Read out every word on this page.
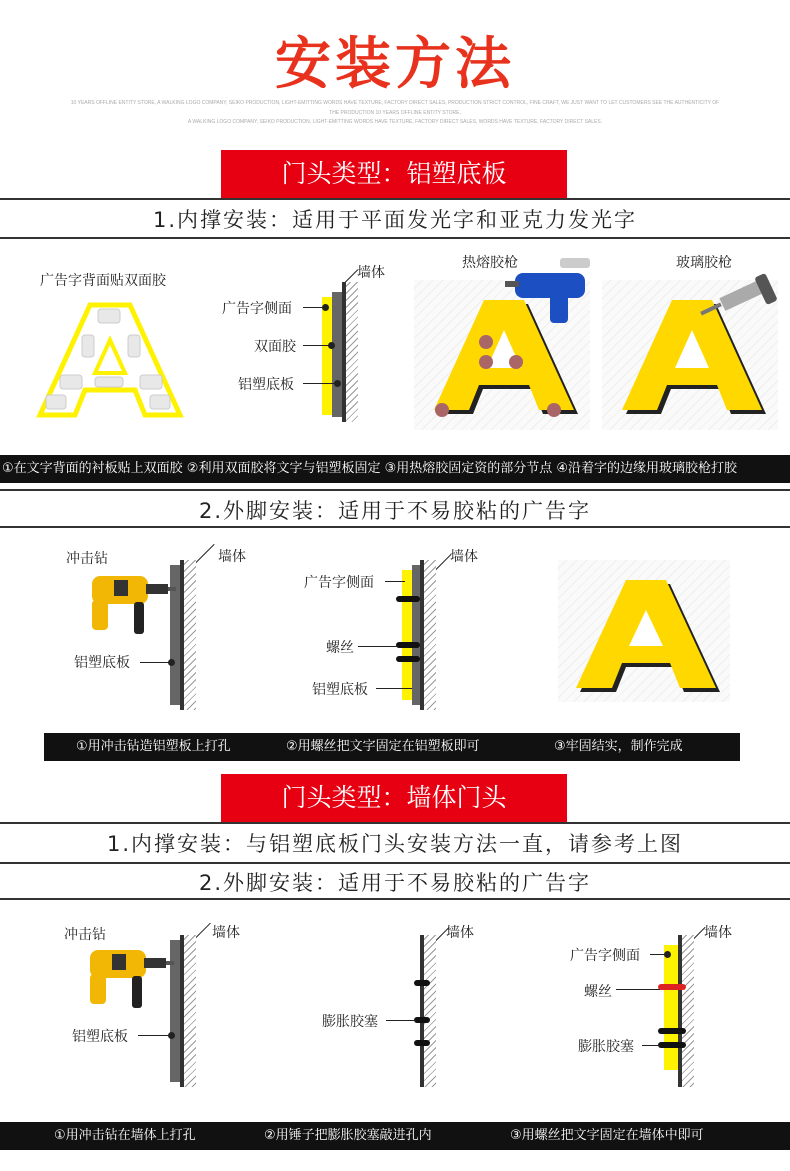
安装方法
10 YEARS OFFLINE ENTITY STORE, A WALKING LOGO COMPANY, SEIKO PRODUCTION, LIGHT-EMITTING WORDS HAVE TEXTURE, FACTORY DIRECT SALES, PRODUCTION STRICT CONTROL, FINE CRAFT, WE JUST WANT TO LET CUSTOMERS SEE THE AUTHENTICITY OF
THE PRODUCTION 10 YEARS OFFLINE ENTITY STORE,
A WALKING LOGO COMPANY, SEIKO PRODUCTION, LIGHT-EMITTING WORDS HAVE TEXTURE, FACTORY DIRECT SALES, WORDS HAVE TEXTURE, FACTORY DIRECT SALES.
门头类型：铝塑底板
1.内撑安装：适用于平面发光字和亚克力发光字
广告字背面贴双面胶	墙体
广告字侧面
双面胶
铝塑底板
热熔胶枪	玻璃胶枪
①在文字背面的衬板贴上双面胶 ②利用双面胶将文字与铝塑板固定 ③用热熔胶固定资的部分节点 ④沿着字的边缘用玻璃胶枪打胶
2.外脚安装：适用于不易胶粘的广告字
冲击钻	墙体
铝塑底板
墙体
广告字侧面
螺丝
铝塑底板
①用冲击钻造铝塑板上打孔	②用螺丝把文字固定在铝塑板即可	③牢固结实，制作完成
门头类型：墙体门头
1.内撑安装：与铝塑底板门头安装方法一直，请参考上图
2.外脚安装：适用于不易胶粘的广告字
冲击钻	墙体
铝塑底板
墙体
膨胀胶塞
墙体
广告字侧面
螺丝
膨胀胶塞
①用冲击钻在墙体上打孔	②用锤子把膨胀胶塞敲进孔内	③用螺丝把文字固定在墙体中即可
